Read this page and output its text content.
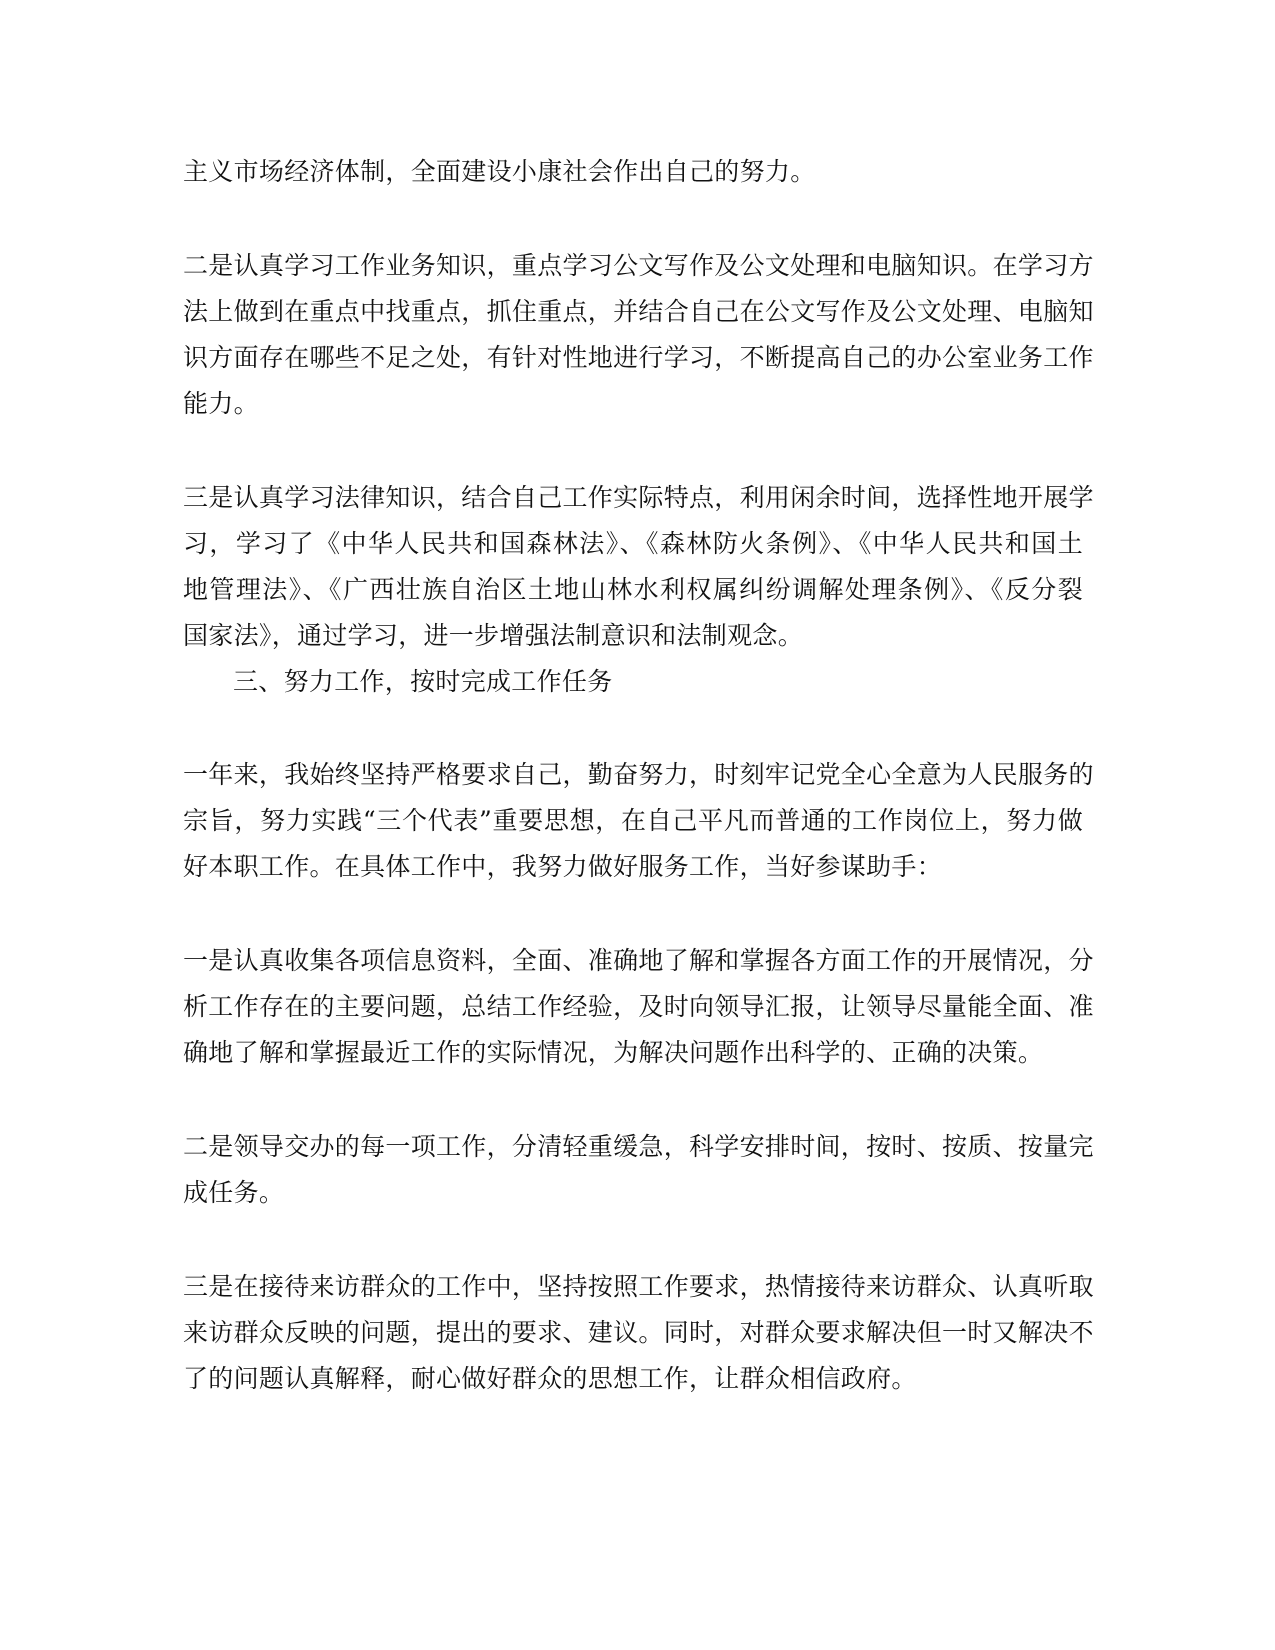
主义市场经济体制，全面建设小康社会作出自己的努力。
二是认真学习工作业务知识，重点学习公文写作及公文处理和电脑知识。在学习方
法上做到在重点中找重点，抓住重点，并结合自己在公文写作及公文处理、电脑知
识方面存在哪些不足之处，有针对性地进行学习，不断提高自己的办公室业务工作
能力。
三是认真学习法律知识，结合自己工作实际特点，利用闲余时间，选择性地开展学
习，学习了《中华人民共和国森林法》、《森林防火条例》、《中华人民共和国土
地管理法》、《广西壮族自治区土地山林水利权属纠纷调解处理条例》、《反分裂
国家法》，通过学习，进一步增强法制意识和法制观念。
三、努力工作，按时完成工作任务
一年来，我始终坚持严格要求自己，勤奋努力，时刻牢记党全心全意为人民服务的
宗旨，努力实践“三个代表”重要思想，在自己平凡而普通的工作岗位上，努力做
好本职工作。在具体工作中，我努力做好服务工作，当好参谋助手：
一是认真收集各项信息资料，全面、准确地了解和掌握各方面工作的开展情况，分
析工作存在的主要问题，总结工作经验，及时向领导汇报，让领导尽量能全面、准
确地了解和掌握最近工作的实际情况，为解决问题作出科学的、正确的决策。
二是领导交办的每一项工作，分清轻重缓急，科学安排时间，按时、按质、按量完
成任务。
三是在接待来访群众的工作中，坚持按照工作要求，热情接待来访群众、认真听取
来访群众反映的问题，提出的要求、建议。同时，对群众要求解决但一时又解决不
了的问题认真解释，耐心做好群众的思想工作，让群众相信政府。
